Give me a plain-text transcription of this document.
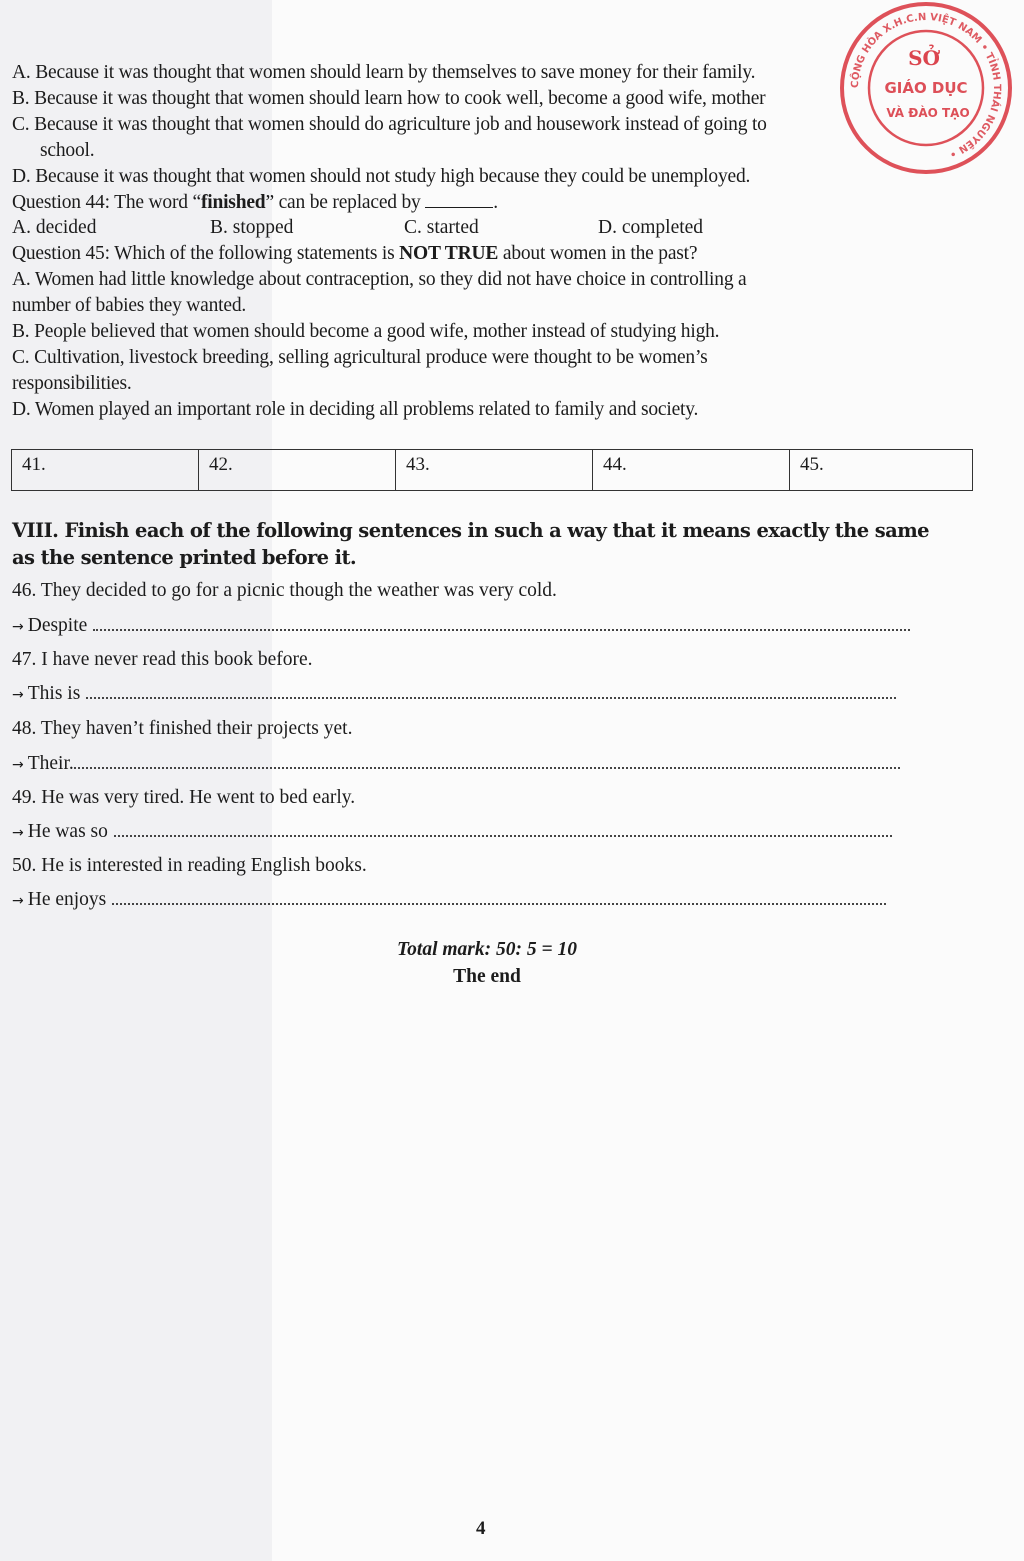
A. Because it was thought that women should learn by themselves to save money for their family.
B. Because it was thought that women should learn how to cook well, become a good wife, mother
C. Because it was thought that women should do agriculture job and housework instead of going to
school.
D. Because it was thought that women should not study high because they could be unemployed.
Question 44: The word “finished” can be replaced by	.
A. decided	B. stopped	C. started	D. completed
Question 45: Which of the following statements is NOT TRUE about women in the past?
A. Women had little knowledge about contraception, so they did not have choice in controlling a
number of babies they wanted.
B. People believed that women should become a good wife, mother instead of studying high.
C. Cultivation, livestock breeding, selling agricultural produce were thought to be women’s
responsibilities.
D. Women played an important role in deciding all problems related to family and society.
41.	42.	43.	44.	45.
VIII. Finish each of the following sentences in such a way that it means exactly the same as the sentence printed before it.
46. They decided to go for a picnic though the weather was very cold.
→ Despite
47. I have never read this book before.
→ This is
48. They haven’t finished their projects yet.
→ Their.
49. He was very tired. He went to bed early.
→ He was so
50. He is interested in reading English books.
→ He enjoys
Total mark: 50: 5 = 10
The end
4
CỘNG HÒA X.H.C.N VIỆT NAM • TỈNH THÁI NGUYÊN •
SỞ
GIÁO DỤC
VÀ ĐÀO TẠO
